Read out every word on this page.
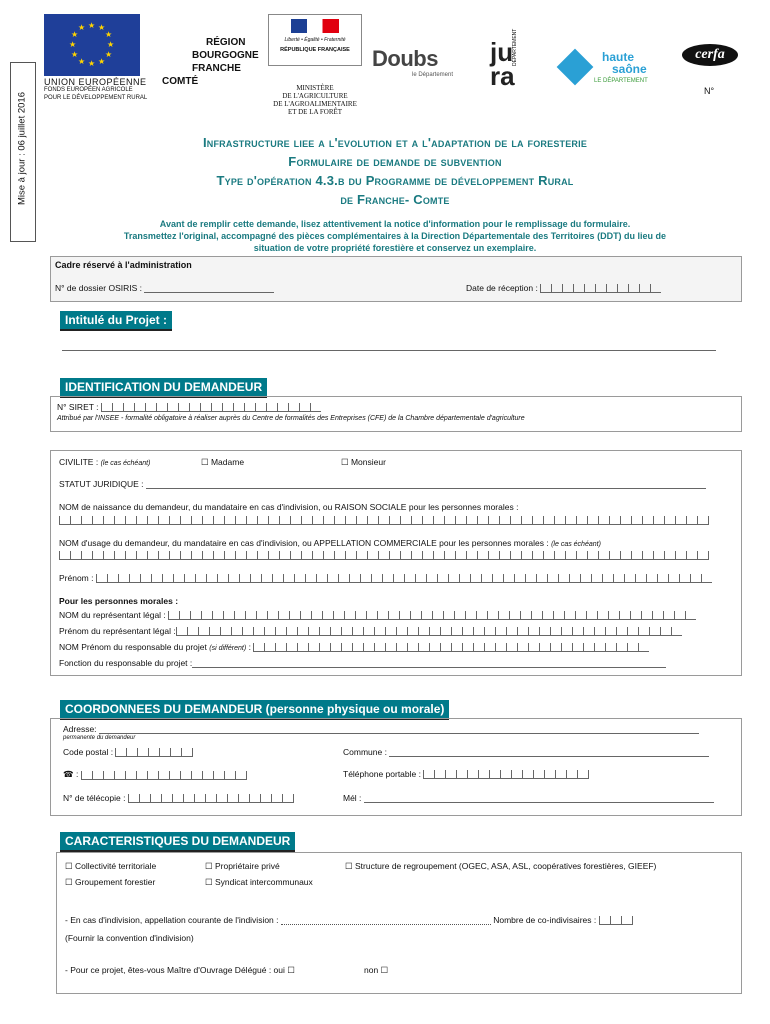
Mise à jour : 06 juillet 2016
★ ★
★
★
★
★
★
★
★
★
★
★
UNION EUROPÉENNE
FONDS EUROPÉEN AGRICOLE
POUR LE DÉVELOPPEMENT RURAL
RÉGION
BOURGOGNE
FRANCHE
COMTÉ
Liberté • Égalité • Fraternité
RÉPUBLIQUE FRANÇAISE
MINISTÈRE
DE L'AGRICULTURE
DE L'AGROALIMENTAIRE
ET DE LA FORÊT
Doubs
le Département
ju
ra
DÉPARTEMENT	haute
saône
LE DÉPARTEMENT
cerfa
N°
Infrastructure liee a l'evolution et a l'adaptation de la foresterie
Formulaire de demande de subvention
Type d'opération 4.3.b du Programme de développement Rural
de Franche- Comte
Avant de remplir cette demande, lisez attentivement la notice d'information pour le remplissage du formulaire.
Transmettez l'original, accompagné des pièces complémentaires à la Direction Départementale des Territoires (DDT) du lieu de
situation de votre propriété forestière et conservez un exemplaire.
Cadre réservé à l'administration
N° de dossier OSIRIS :	Date de réception :
Intitulé du Projet :
IDENTIFICATION DU DEMANDEUR
N° SIRET :
Attribué par l'INSEE - formalité obligatoire à réaliser auprès du Centre de formalités des Entreprises (CFE) de la Chambre départementale d'agriculture
CIVILITE : (le cas échéant)	☐ Madame	☐ Monsieur
STATUT JURIDIQUE :
NOM de naissance du demandeur, du mandataire en cas d'indivision, ou RAISON SOCIALE pour les personnes morales :
NOM d'usage du demandeur, du mandataire en cas d'indivision, ou APPELLATION COMMERCIALE pour les personnes morales : (le cas échéant)
Prénom :
Pour les personnes morales :
NOM du représentant légal :
Prénom du représentant légal :
NOM Prénom du responsable du projet (si différent) :
Fonction du responsable du projet :
COORDONNEES DU DEMANDEUR (personne physique ou morale)
Adresse:
permanente du demandeur
Code postal :	Commune :
☎ :	Téléphone portable :
N° de télécopie :	Mél :
CARACTERISTIQUES DU DEMANDEUR
☐ Collectivité territoriale	☐ Propriétaire privé	☐ Structure de regroupement (OGEC, ASA, ASL, coopératives forestières, GIEEF)
☐ Groupement forestier	☐ Syndicat intercommunaux
- En cas d'indivision, appellation courante de l'indivision :	Nombre de co-indivisaires :
(Fournir la convention d'indivision)
- Pour ce projet, êtes-vous Maître d'Ouvrage Délégué : oui ☐	non ☐
